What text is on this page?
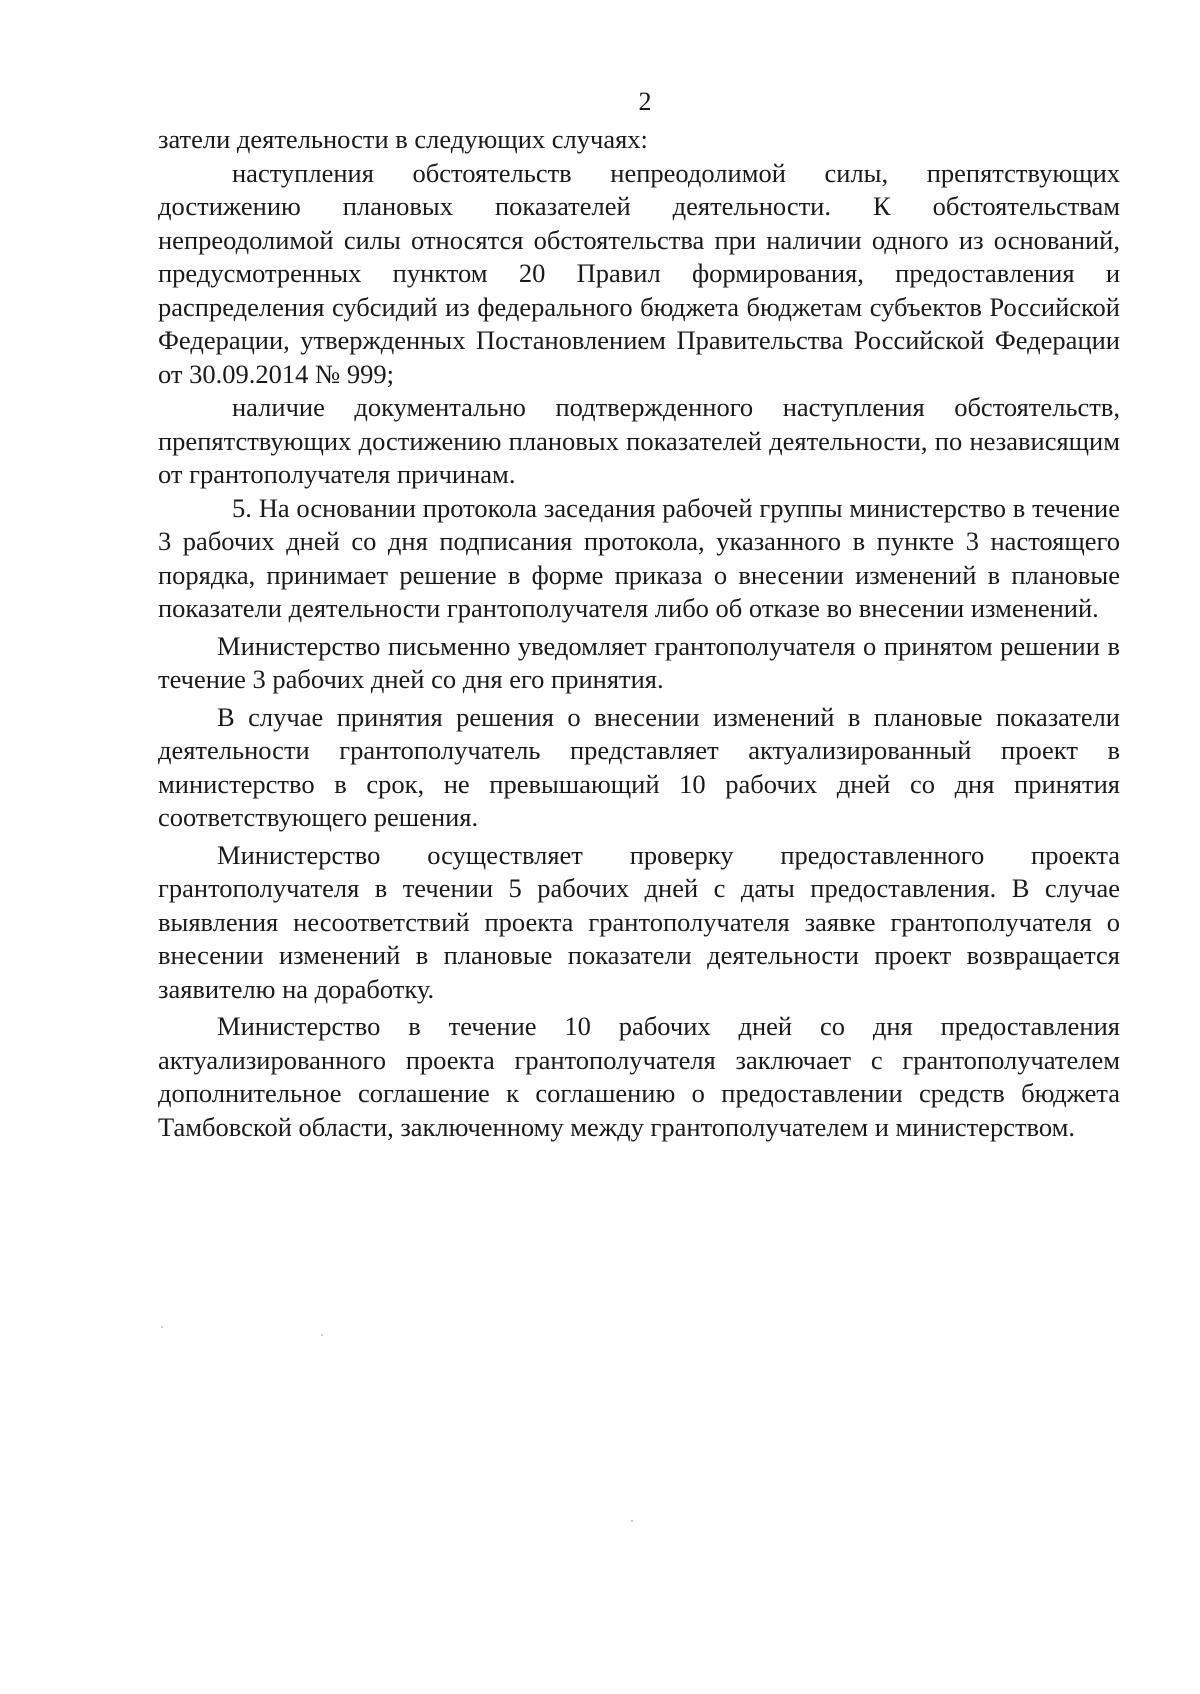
2

затели деятельности в следующих случаях:

наступления обстоятельств непреодолимой силы, препятствующих достижению плановых показателей деятельности. К обстоятельствам непреодолимой силы относятся обстоятельства при наличии одного из оснований, предусмотренных пунктом 20 Правил формирования, предоставления и распределения субсидий из федерального бюджета бюджетам субъектов Российской Федерации, утвержденных Постановлением Правительства Российской Федерации от 30.09.2014 № 999;

наличие документально подтвержденного наступления обстоятельств, препятствующих достижению плановых показателей деятельности, по независящим от грантополучателя причинам.

5. На основании протокола заседания рабочей группы министерство в течение 3 рабочих дней со дня подписания протокола, указанного в пункте 3 настоящего порядка, принимает решение в форме приказа о внесении изменений в плановые показатели деятельности грантополучателя либо об отказе во внесении изменений.

Министерство письменно уведомляет грантополучателя о принятом решении в течение 3 рабочих дней со дня его принятия.

В случае принятия решения о внесении изменений в плановые показатели деятельности грантополучатель представляет актуализированный проект в министерство в срок, не превышающий 10 рабочих дней со дня принятия соответствующего решения.

Министерство осуществляет проверку предоставленного проекта грантополучателя в течении 5 рабочих дней с даты предоставления. В случае выявления несоответствий проекта грантополучателя заявке грантополучателя о внесении изменений в плановые показатели деятельности проект возвращается заявителю на доработку.

Министерство в течение 10 рабочих дней со дня предоставления актуализированного проекта грантополучателя заключает с грантополучателем дополнительное соглашение к соглашению о предоставлении средств бюджета Тамбовской области, заключенному между грантополучателем и министерством.
